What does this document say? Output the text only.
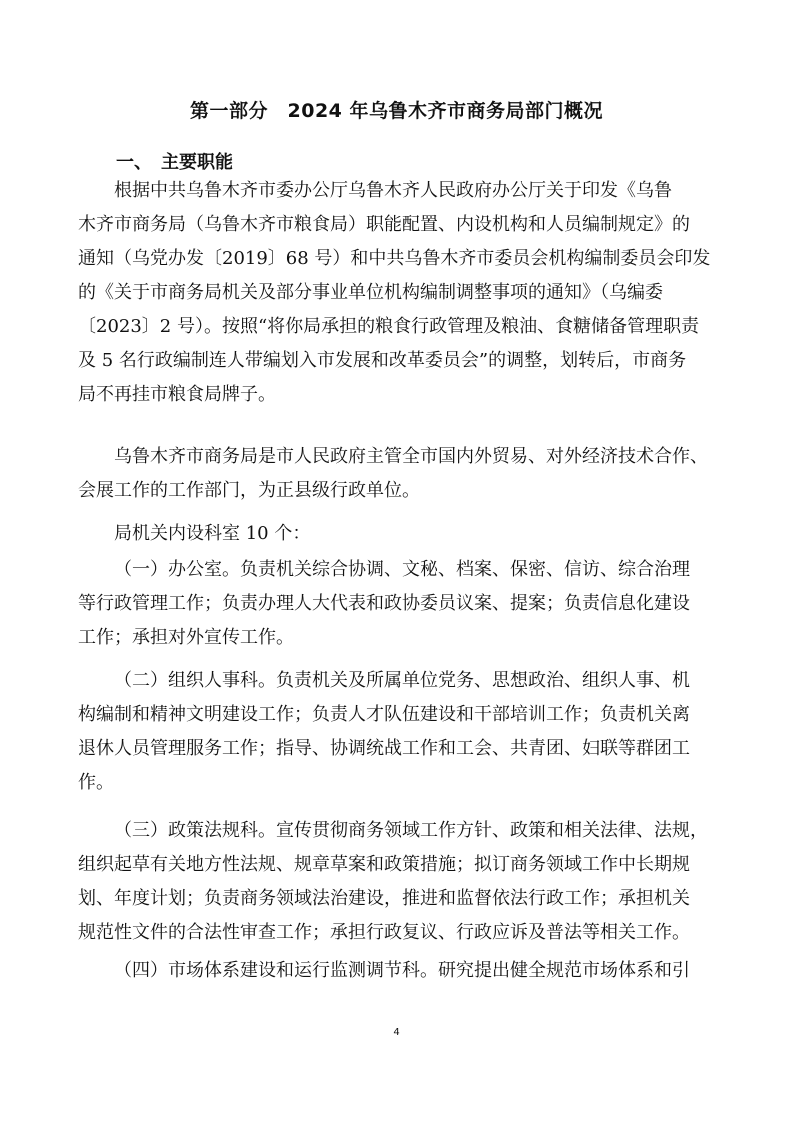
第一部分　2024 年乌鲁木齐市商务局部门概况
一、　主要职能
根据中共乌鲁木齐市委办公厅乌鲁木齐人民政府办公厅关于印发《乌鲁
木齐市商务局（乌鲁木齐市粮食局）职能配置、内设机构和人员编制规定》的
通知（乌党办发〔2019〕68 号）和中共乌鲁木齐市委员会机构编制委员会印发
的《关于市商务局机关及部分事业单位机构编制调整事项的通知》（乌编委
〔2023〕2 号）。按照“将你局承担的粮食行政管理及粮油、食糖储备管理职责
及 5 名行政编制连人带编划入市发展和改革委员会”的调整，划转后，市商务
局不再挂市粮食局牌子。
乌鲁木齐市商务局是市人民政府主管全市国内外贸易、对外经济技术合作、
会展工作的工作部门，为正县级行政单位。
局机关内设科室 10 个：
（一）办公室。负责机关综合协调、文秘、档案、保密、信访、综合治理
等行政管理工作；负责办理人大代表和政协委员议案、提案；负责信息化建设
工作；承担对外宣传工作。
（二）组织人事科。负责机关及所属单位党务、思想政治、组织人事、机
构编制和精神文明建设工作；负责人才队伍建设和干部培训工作；负责机关离
退休人员管理服务工作；指导、协调统战工作和工会、共青团、妇联等群团工
作。
（三）政策法规科。宣传贯彻商务领域工作方针、政策和相关法律、法规，
组织起草有关地方性法规、规章草案和政策措施；拟订商务领域工作中长期规
划、年度计划；负责商务领域法治建设，推进和监督依法行政工作；承担机关
规范性文件的合法性审查工作；承担行政复议、行政应诉及普法等相关工作。
（四）市场体系建设和运行监测调节科。研究提出健全规范市场体系和引
4
